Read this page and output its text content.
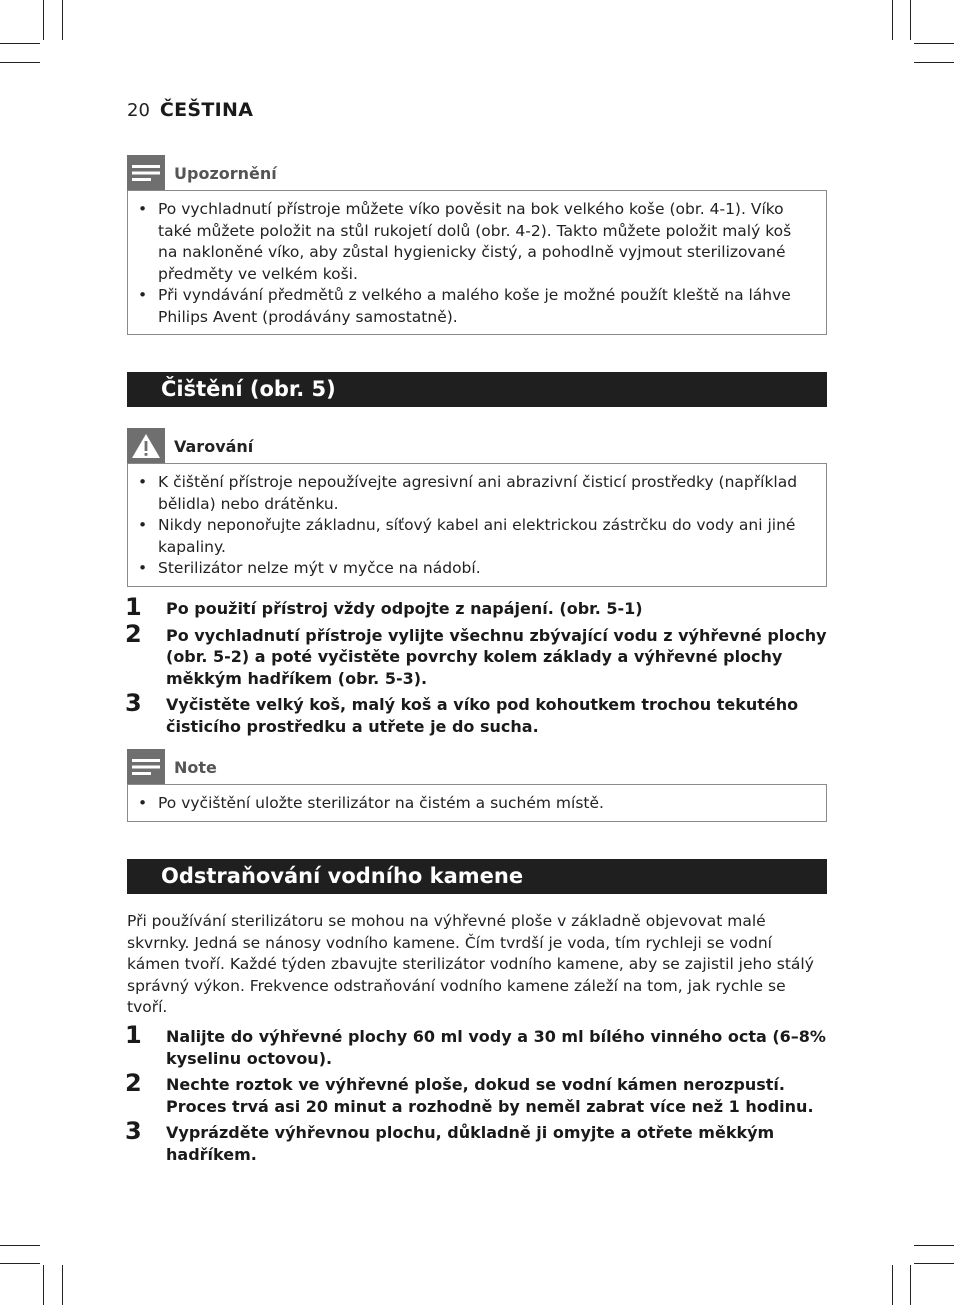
20 ČEŠTINA
Upozornění
• Po vychladnutí přístroje můžete víko pověsit na bok velkého koše (obr. 4-1). Víko také můžete položit na stůl rukojetí dolů (obr. 4-2). Takto můžete položit malý koš na nakloněné víko, aby zůstal hygienicky čistý, a pohodlně vyjmout sterilizované předměty ve velkém koši.
• Při vyndávání předmětů z velkého a malého koše je možné použít kleště na láhve Philips Avent (prodávány samostatně).
Čištění (obr. 5)
Varování
• K čištění přístroje nepoužívejte agresivní ani abrazivní čisticí prostředky (například bělidla) nebo drátěnku.
• Nikdy neponořujte základnu, síťový kabel ani elektrickou zástrčku do vody ani jiné kapaliny.
• Sterilizátor nelze mýt v myčce na nádobí.
1 Po použití přístroj vždy odpojte z napájení. (obr. 5-1)
2 Po vychladnutí přístroje vylijte všechnu zbývající vodu z výhřevné plochy (obr. 5-2) a poté vyčistěte povrchy kolem základy a výhřevné plochy měkkým hadříkem (obr. 5-3).
3 Vyčistěte velký koš, malý koš a víko pod kohoutkem trochou tekutého čisticího prostředku a utřete je do sucha.
Note
• Po vyčištění uložte sterilizátor na čistém a suchém místě.
Odstraňování vodního kamene
Při používání sterilizátoru se mohou na výhřevné ploše v základně objevovat malé skvrnky. Jedná se nánosy vodního kamene. Čím tvrdší je voda, tím rychleji se vodní kámen tvoří. Každé týden zbavujte sterilizátor vodního kamene, aby se zajistil jeho stálý správný výkon. Frekvence odstraňování vodního kamene záleží na tom, jak rychle se tvoří.
1 Nalijte do výhřevné plochy 60 ml vody a 30 ml bílého vinného octa (6–8% kyselinu octovou).
2 Nechte roztok ve výhřevné ploše, dokud se vodní kámen nerozpustí. Proces trvá asi 20 minut a rozhodně by neměl zabrat více než 1 hodinu.
3 Vyprázděte výhřevnou plochu, důkladně ji omyjte a otřete měkkým hadříkem.
